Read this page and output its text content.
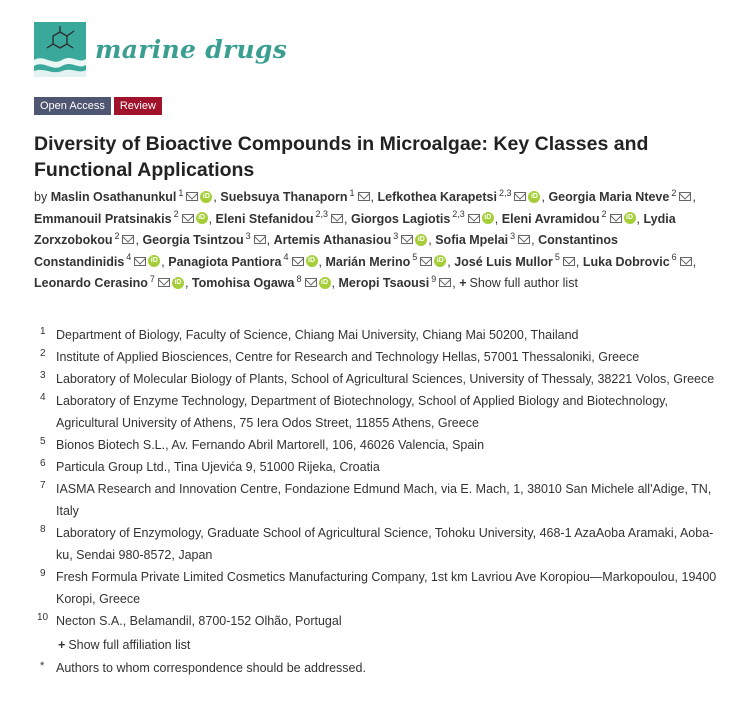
marine drugs
Open Access	Review
Diversity of Bioactive Compounds in Microalgae: Key Classes and Functional Applications
by Maslin Osathanunkul $^1$	iD , Suebsuya Thanaporn $^1$ , Lefkothea Karapetsi $^{2,3}$	iD , Georgia Maria Nteve $^2$ , Emmanouil Pratsinakis $^2$	iD , Eleni Stefanidou $^{2,3}$ , Giorgos Lagiotis $^{2,3}$	iD , Eleni Avramidou $^2$	iD , Lydia Zorxzobokou $^2$ , Georgia Tsintzou $^3$ , Artemis Athanasiou $^3$	iD , Sofia Mpelai $^3$ , Constantinos Constandinidis $^4$	iD , Panagiota Pantiora $^4$	iD , Marián Merino $^5$	iD , José Luis Mullor $^5$ , Luka Dobrovic $^6$ , Leonardo Cerasino $^7$	iD , Tomohisa Ogawa $^8$	iD , Meropi Tsaousi $^9$ , + Show full author list
1 Department of Biology, Faculty of Science, Chiang Mai University, Chiang Mai 50200, Thailand
2 Institute of Applied Biosciences, Centre for Research and Technology Hellas, 57001 Thessaloniki, Greece
3 Laboratory of Molecular Biology of Plants, School of Agricultural Sciences, University of Thessaly, 38221 Volos, Greece
4 Laboratory of Enzyme Technology, Department of Biotechnology, School of Applied Biology and Biotechnology, Agricultural University of Athens, 75 Iera Odos Street, 11855 Athens, Greece
5 Bionos Biotech S.L., Av. Fernando Abril Martorell, 106, 46026 Valencia, Spain
6 Particula Group Ltd., Tina Ujevića 9, 51000 Rijeka, Croatia
7 IASMA Research and Innovation Centre, Fondazione Edmund Mach, via E. Mach, 1, 38010 San Michele all'Adige, TN, Italy
8 Laboratory of Enzymology, Graduate School of Agricultural Science, Tohoku University, 468-1 AzaAoba Aramaki, Aoba-ku, Sendai 980-8572, Japan
9 Fresh Formula Private Limited Cosmetics Manufacturing Company, 1st km Lavriou Ave Koropiou—Markopoulou, 19400 Koropi, Greece
10 Necton S.A., Belamandil, 8700-152 Olhão, Portugal
+ Show full affiliation list
* Authors to whom correspondence should be addressed.
